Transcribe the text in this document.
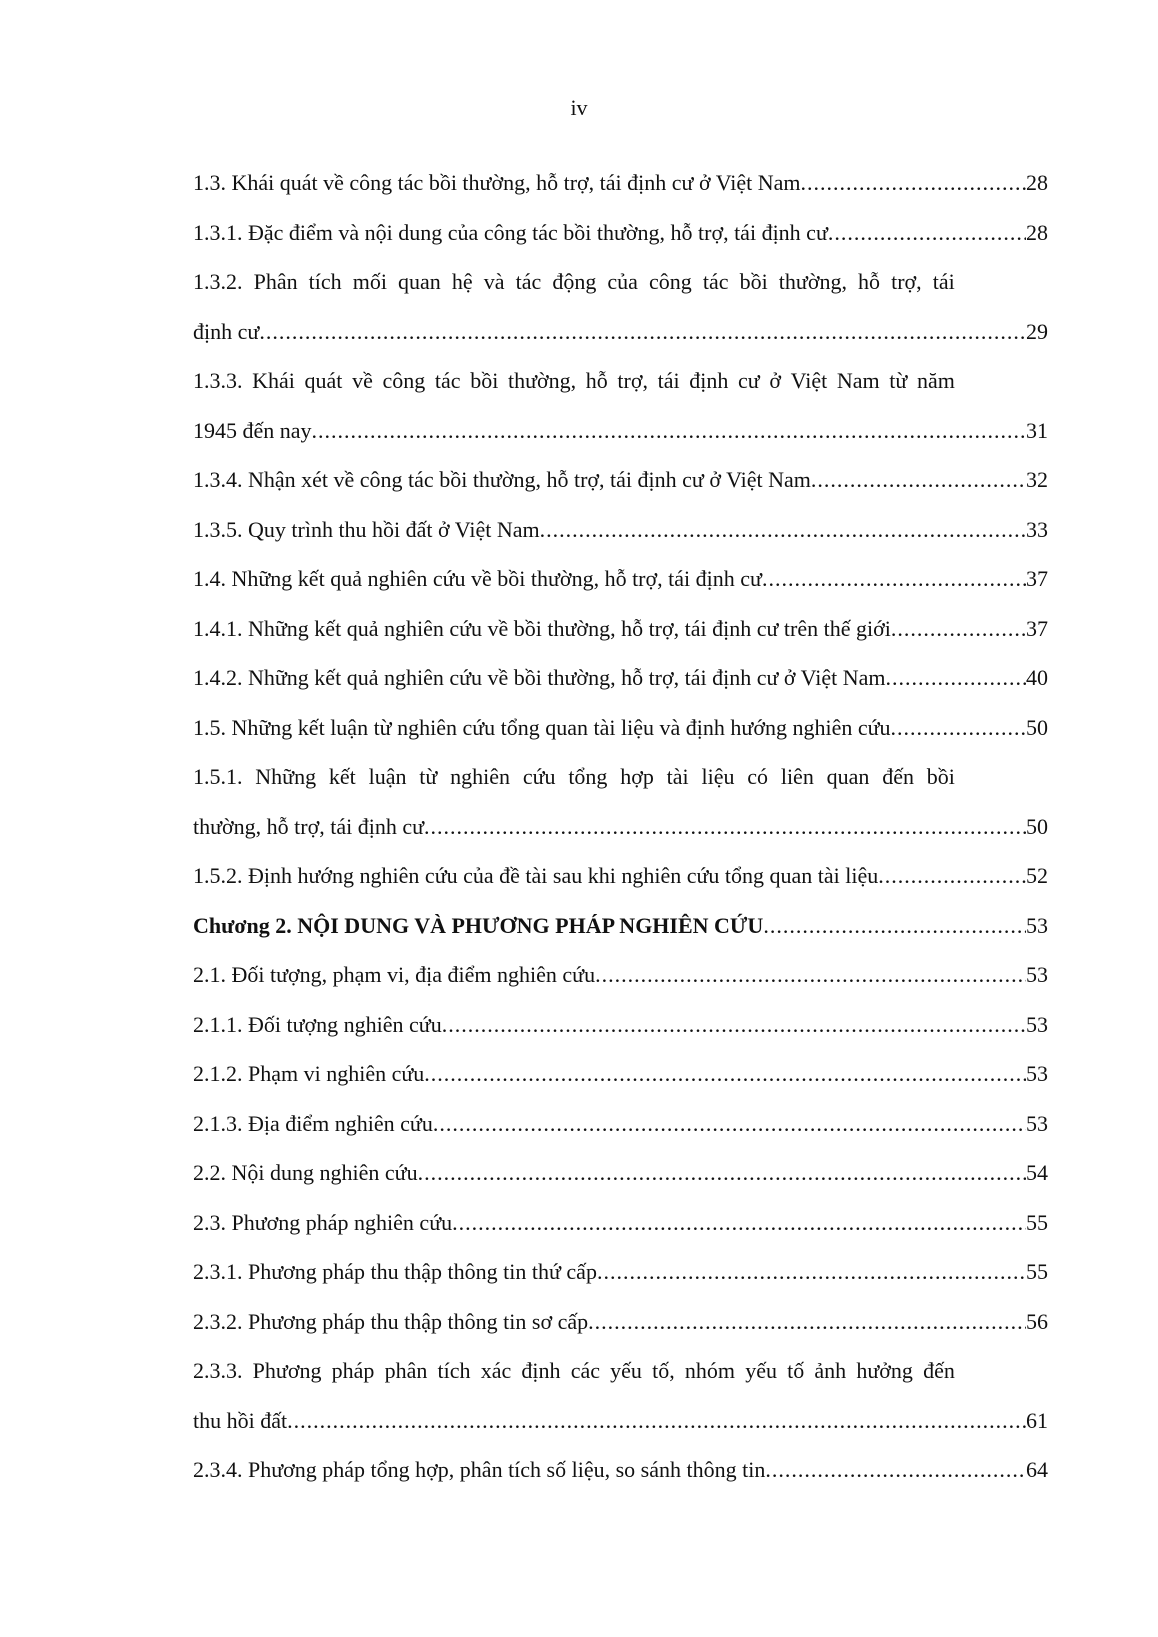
iv
1.3. Khái quát về công tác bồi thường, hỗ trợ, tái định cư ở Việt Nam .....	28
1.3.1. Đặc điểm và nội dung của công tác bồi thường, hỗ trợ, tái định cư .....	28
1.3.2. Phân tích mối quan hệ và tác động của công tác bồi thường, hỗ trợ, tái
định cư .....	29
1.3.3. Khái quát về công tác bồi thường, hỗ trợ, tái định cư ở Việt Nam từ năm
1945 đến nay .....	31
1.3.4. Nhận xét về công tác bồi thường, hỗ trợ, tái định cư ở Việt Nam .....	32
1.3.5. Quy trình thu hồi đất ở Việt Nam .....	33
1.4. Những kết quả nghiên cứu về bồi thường, hỗ trợ, tái định cư .....	37
1.4.1. Những kết quả nghiên cứu về bồi thường, hỗ trợ, tái định cư trên thế giới .....	37
1.4.2. Những kết quả nghiên cứu về bồi thường, hỗ trợ, tái định cư ở Việt Nam .....	40
1.5. Những kết luận từ nghiên cứu tổng quan tài liệu và định hướng nghiên cứu .....	50
1.5.1. Những kết luận từ nghiên cứu tổng hợp tài liệu có liên quan đến bồi
thường, hỗ trợ, tái định cư .....	50
1.5.2. Định hướng nghiên cứu của đề tài sau khi nghiên cứu tổng quan tài liệu .....	52
Chương 2. NỘI DUNG VÀ PHƯƠNG PHÁP NGHIÊN CỨU .....	53
2.1. Đối tượng, phạm vi, địa điểm nghiên cứu .....	53
2.1.1. Đối tượng nghiên cứu .....	53
2.1.2. Phạm vi nghiên cứu .....	53
2.1.3. Địa điểm nghiên cứu .....	53
2.2. Nội dung nghiên cứu .....	54
2.3. Phương pháp nghiên cứu .....	55
2.3.1. Phương pháp thu thập thông tin thứ cấp .....	55
2.3.2. Phương pháp thu thập thông tin sơ cấp .....	56
2.3.3. Phương pháp phân tích xác định các yếu tố, nhóm yếu tố ảnh hưởng đến
thu hồi đất .....	61
2.3.4. Phương pháp tổng hợp, phân tích số liệu, so sánh thông tin .....	64
